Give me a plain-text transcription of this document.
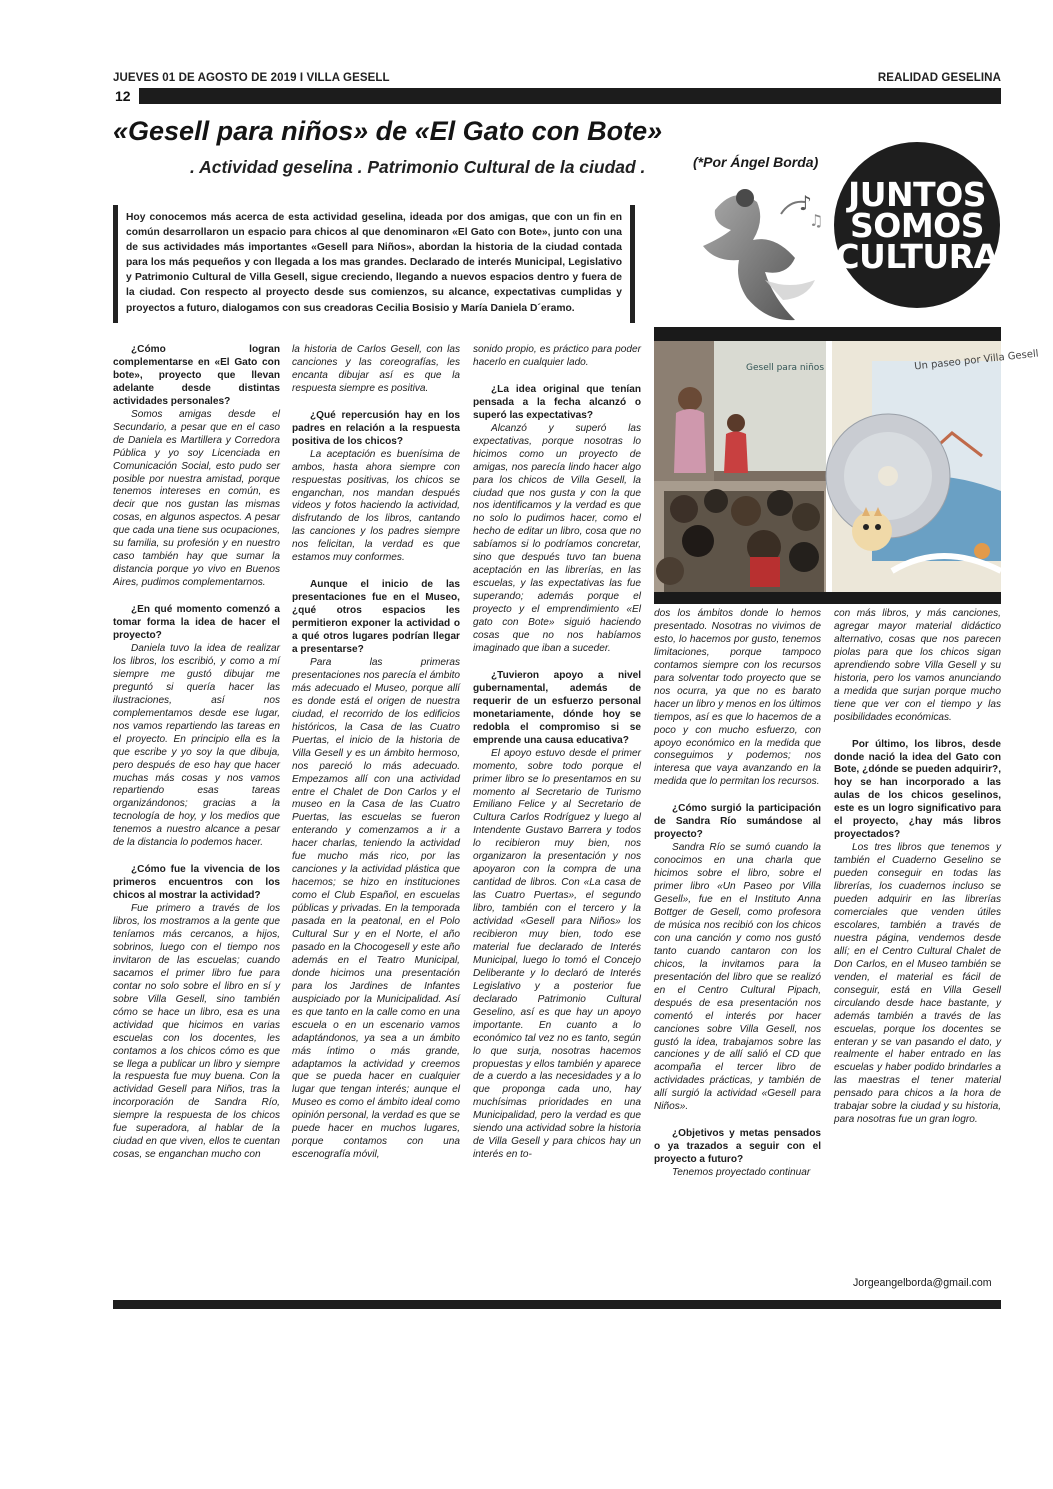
JUEVES 01 DE AGOSTO DE 2019 I VILLA GESELL	REALIDAD GESELINA
12
«Gesell para niños» de «El Gato con Bote»
. Actividad geselina . Patrimonio Cultural de la ciudad .	(*Por Ángel Borda)

Hoy conocemos más acerca de esta actividad geselina, ideada por dos amigas, que con un fin en común desarrollaron un espacio para chicos al que denominaron «El Gato con Bote», junto con una de sus actividades más importantes «Gesell para Niños», abordan la historia de la ciudad contada para los más pequeños y con llegada a los mas grandes. Declarado de interés Municipal, Legislativo y Patrimonio Cultural de Villa Gesell, sigue creciendo, llegando a nuevos espacios dentro y fuera de la ciudad. Con respecto al proyecto desde sus comienzos, su alcance, expectativas cumplidas y proyectos a futuro, dialogamos con sus creadoras Cecilia Bosisio y María Daniela D´eramo.

♪
♫
JUNTOS
SOMOS
CULTURA
Gesell para niños	Un paseo por Villa Gesell

¿Cómo logran complementarse en «El Gato con bote», proyecto que llevan adelante desde distintas actividades personales?

Somos amigas desde el Secundario, a pesar que en el caso de Daniela es Martillera y Corredora Pública y yo soy Licenciada en Comunicación Social, esto pudo ser posible por nuestra amistad, porque tenemos intereses en común, es decir que nos gustan las mismas cosas, en algunos aspectos. A pesar que cada una tiene sus ocupaciones, su familia, su profesión y en nuestro caso también hay que sumar la distancia porque yo vivo en Buenos Aires, pudimos complementarnos.

¿En qué momento comenzó a tomar forma la idea de hacer el proyecto?

Daniela tuvo la idea de realizar los libros, los escribió, y como a mí siempre me gustó dibujar me preguntó si quería hacer las ilustraciones, así nos complementamos desde ese lugar, nos vamos repartiendo las tareas en el proyecto. En principio ella es la que escribe y yo soy la que dibuja, pero después de eso hay que hacer muchas más cosas y nos vamos repartiendo esas tareas organizándonos; gracias a la tecnología de hoy, y los medios que tenemos a nuestro alcance a pesar de la distancia lo podemos hacer.

¿Cómo fue la vivencia de los primeros encuentros con los chicos al mostrar la actividad?

Fue primero a través de los libros, los mostramos a la gente que teníamos más cercanos, a hijos, sobrinos, luego con el tiempo nos invitaron de las escuelas; cuando sacamos el primer libro fue para contar no solo sobre el libro en sí y sobre Villa Gesell, sino también cómo se hace un libro, esa es una actividad que hicimos en varias escuelas con los docentes, les contamos a los chicos cómo es que se llega a publicar un libro y siempre la respuesta fue muy buena. Con la actividad Gesell para Niños, tras la incorporación de Sandra Río, siempre la respuesta de los chicos fue superadora, al hablar de la ciudad en que viven, ellos te cuentan cosas, se enganchan mucho con

la historia de Carlos Gesell, con las canciones y las coreografías, les encanta dibujar así es que la respuesta siempre es positiva.

¿Qué repercusión hay en los padres en relación a la respuesta positiva de los chicos?

La aceptación es buenísima de ambos, hasta ahora siempre con respuestas positivas, los chicos se enganchan, nos mandan después videos y fotos haciendo la actividad, disfrutando de los libros, cantando las canciones y los padres siempre nos felicitan, la verdad es que estamos muy conformes.

Aunque el inicio de las presentaciones fue en el Museo, ¿qué otros espacios les permitieron exponer la actividad o a qué otros lugares podrían llegar a presentarse?

Para las primeras presentaciones nos parecía el ámbito más adecuado el Museo, porque allí es donde está el origen de nuestra ciudad, el recorrido de los edificios históricos, la Casa de las Cuatro Puertas, el inicio de la historia de Villa Gesell y es un ámbito hermoso, nos pareció lo más adecuado. Empezamos allí con una actividad entre el Chalet de Don Carlos y el museo en la Casa de las Cuatro Puertas, las escuelas se fueron enterando y comenzamos a ir a hacer charlas, teniendo la actividad fue mucho más rico, por las canciones y la actividad plástica que hacemos; se hizo en instituciones como el Club Español, en escuelas públicas y privadas. En la temporada pasada en la peatonal, en el Polo Cultural Sur y en el Norte, el año pasado en la Chocogesell y este año además en el Teatro Municipal, donde hicimos una presentación para los Jardines de Infantes auspiciado por la Municipalidad. Así es que tanto en la calle como en una escuela o en un escenario vamos adaptándonos, ya sea a un ámbito más íntimo o más grande, adaptamos la actividad y creemos que se pueda hacer en cualquier lugar que tengan interés; aunque el Museo es como el ámbito ideal como opinión personal, la verdad es que se puede hacer en muchos lugares, porque contamos con una escenografía móvil,

sonido propio, es práctico para poder hacerlo en cualquier lado.

¿La idea original que tenían pensada a la fecha alcanzó o superó las expectativas?

Alcanzó y superó las expectativas, porque nosotras lo hicimos como un proyecto de amigas, nos parecía lindo hacer algo para los chicos de Villa Gesell, la ciudad que nos gusta y con la que nos identificamos y la verdad es que no solo lo pudimos hacer, como el hecho de editar un libro, cosa que no sabíamos si lo podríamos concretar, sino que después tuvo tan buena aceptación en las librerías, en las escuelas, y las expectativas las fue superando; además porque el proyecto y el emprendimiento «El gato con Bote» siguió haciendo cosas que no nos habíamos imaginado que iban a suceder.

¿Tuvieron apoyo a nivel gubernamental, además de requerir de un esfuerzo personal monetariamente, dónde hoy se redobla el compromiso si se emprende una causa educativa?

El apoyo estuvo desde el primer momento, sobre todo porque el primer libro se lo presentamos en su momento al Secretario de Turismo Emiliano Felice y al Secretario de Cultura Carlos Rodríguez y luego al Intendente Gustavo Barrera y todos lo recibieron muy bien, nos organizaron la presentación y nos apoyaron con la compra de una cantidad de libros. Con «La casa de las Cuatro Puertas», el segundo libro, también con el tercero y la actividad «Gesell para Niños» los recibieron muy bien, todo ese material fue declarado de Interés Municipal, luego lo tomó el Concejo Deliberante y lo declaró de Interés Legislativo y a posterior fue declarado Patrimonio Cultural Geselino, así es que hay un apoyo importante. En cuanto a lo económico tal vez no es tanto, según lo que surja, nosotras hacemos propuestas y ellos también y aparece de a cuerdo a las necesidades y a lo que proponga cada uno, hay muchísimas prioridades en una Municipalidad, pero la verdad es que siendo una actividad sobre la historia de Villa Gesell y para chicos hay un interés en to-

dos los ámbitos donde lo hemos presentado. Nosotras no vivimos de esto, lo hacemos por gusto, tenemos limitaciones, porque tampoco contamos siempre con los recursos para solventar todo proyecto que se nos ocurra, ya que no es barato hacer un libro y menos en los últimos tiempos, así es que lo hacemos de a poco y con mucho esfuerzo, con apoyo económico en la medida que conseguimos y podemos; nos interesa que vaya avanzando en la medida que lo permitan los recursos.

¿Cómo surgió la participación de Sandra Río sumándose al proyecto?

Sandra Río se sumó cuando la conocimos en una charla que hicimos sobre el libro, sobre el primer libro «Un Paseo por Villa Gesell», fue en el Instituto Anna Bottger de Gesell, como profesora de música nos recibió con los chicos con una canción y como nos gustó tanto cuando cantaron con los chicos, la invitamos para la presentación del libro que se realizó en el Centro Cultural Pipach, después de esa presentación nos comentó el interés por hacer canciones sobre Villa Gesell, nos gustó la idea, trabajamos sobre las canciones y de allí salió el CD que acompaña el tercer libro de actividades prácticas, y también de allí surgió la actividad «Gesell para Niños».

¿Objetivos y metas pensados o ya trazados a seguir con el proyecto a futuro?

Tenemos proyectado continuar

con más libros, y más canciones, agregar mayor material didáctico alternativo, cosas que nos parecen piolas para que los chicos sigan aprendiendo sobre Villa Gesell y su historia, pero los vamos anunciando a medida que surjan porque mucho tiene que ver con el tiempo y las posibilidades económicas.

Por último, los libros, desde donde nació la idea del Gato con Bote, ¿dónde se pueden adquirir?, hoy se han incorporado a las aulas de los chicos geselinos, este es un logro significativo para el proyecto, ¿hay más libros proyectados?

Los tres libros que tenemos y también el Cuaderno Geselino se pueden conseguir en todas las librerías, los cuadernos incluso se pueden adquirir en las librerías comerciales que venden útiles escolares, también a través de nuestra página, vendemos desde allí; en el Centro Cultural Chalet de Don Carlos, en el Museo también se venden, el material es fácil de conseguir, está en Villa Gesell circulando desde hace bastante, y además también a través de las escuelas, porque los docentes se enteran y se van pasando el dato, y realmente el haber entrado en las escuelas y haber podido brindarles a las maestras el tener material pensado para chicos a la hora de trabajar sobre la ciudad y su historia, para nosotras fue un gran logro.

Jorgeangelborda@gmail.com
